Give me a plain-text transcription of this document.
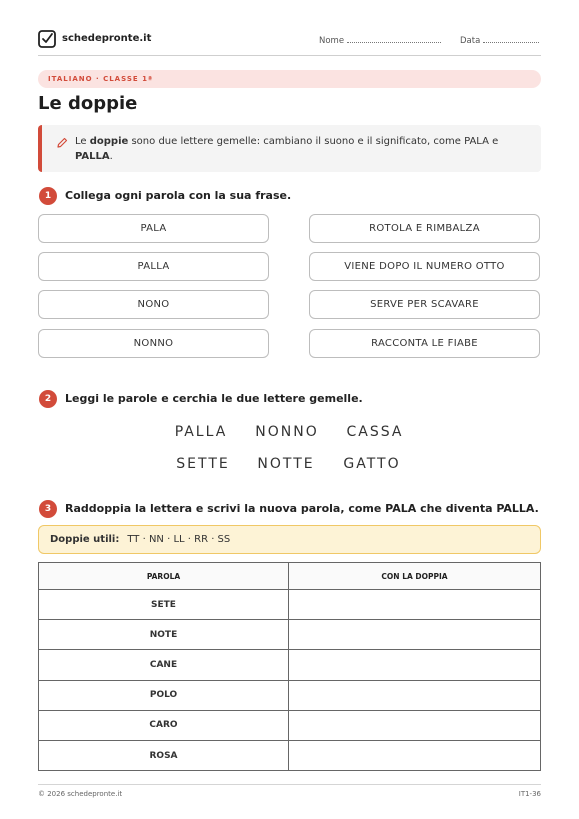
schedepronte.it	Nome	Data
ITALIANO · CLASSE 1ª
Le doppie
Le doppie sono due lettere gemelle: cambiano il suono e il significato, come PALA e PALLA.
1	Collega ogni parola con la sua frase.
PALA
PALLA
NONO
NONNO
ROTOLA E RIMBALZA
VIENE DOPO IL NUMERO OTTO
SERVE PER SCAVARE
RACCONTA LE FIABE
2	Leggi le parole e cerchia le due lettere gemelle.
PALLA	NONNO	CASSA
SETTE	NOTTE	GATTO
3	Raddoppia la lettera e scrivi la nuova parola, come PALA che diventa PALLA.
Doppie utili: TT · NN · LL · RR · SS
PAROLA	CON LA DOPPIA
SETE	
NOTE	
CANE	
POLO	
CARO	
ROSA	
© 2026 schedepronte.it	IT1-36
